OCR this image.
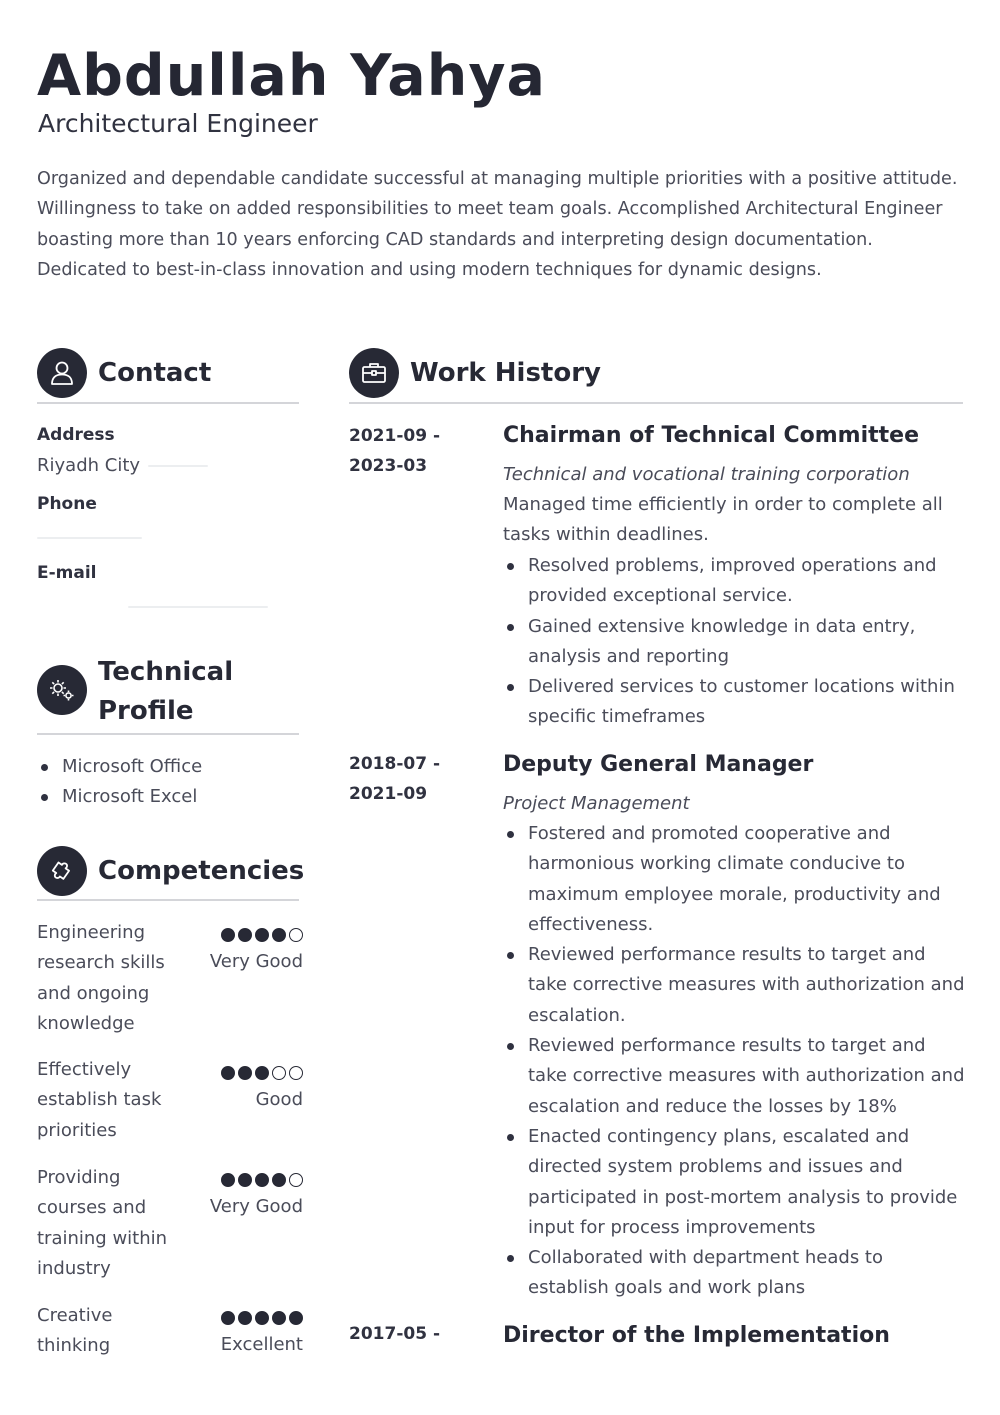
Abdullah Yahya
Architectural Engineer
Organized and dependable candidate successful at managing multiple priorities with a positive attitude. Willingness to take on added responsibilities to meet team goals. Accomplished Architectural Engineer boasting more than 10 years enforcing CAD standards and interpreting design documentation. Dedicated to best-in-class innovation and using modern techniques for dynamic designs.
Contact
Address
Riyadh City
Phone
E-mail
Technical
Profile
Microsoft Office
Microsoft Excel
Competencies
Engineering research skills and ongoing knowledge
Very Good
Effectively establish task priorities
Good
Providing courses and training within industry
Very Good
Creative thinking	Excellent
Work History
2021-09 -
2023-03
Chairman of Technical Committee
Technical and vocational training corporation
Managed time efficiently in order to complete all tasks within deadlines.
Resolved problems, improved operations and provided exceptional service.
Gained extensive knowledge in data entry, analysis and reporting
Delivered services to customer locations within specific timeframes
2018-07 -
2021-09
Deputy General Manager
Project Management
Fostered and promoted cooperative and harmonious working climate conducive to maximum employee morale, productivity and effectiveness.
Reviewed performance results to target and take corrective measures with authorization and escalation.
Reviewed performance results to target and take corrective measures with authorization and escalation and reduce the losses by 18%
Enacted contingency plans, escalated and directed system problems and issues and participated in post-mortem analysis to provide input for process improvements
Collaborated with department heads to establish goals and work plans
2017-05 -	Director of the Implementation
